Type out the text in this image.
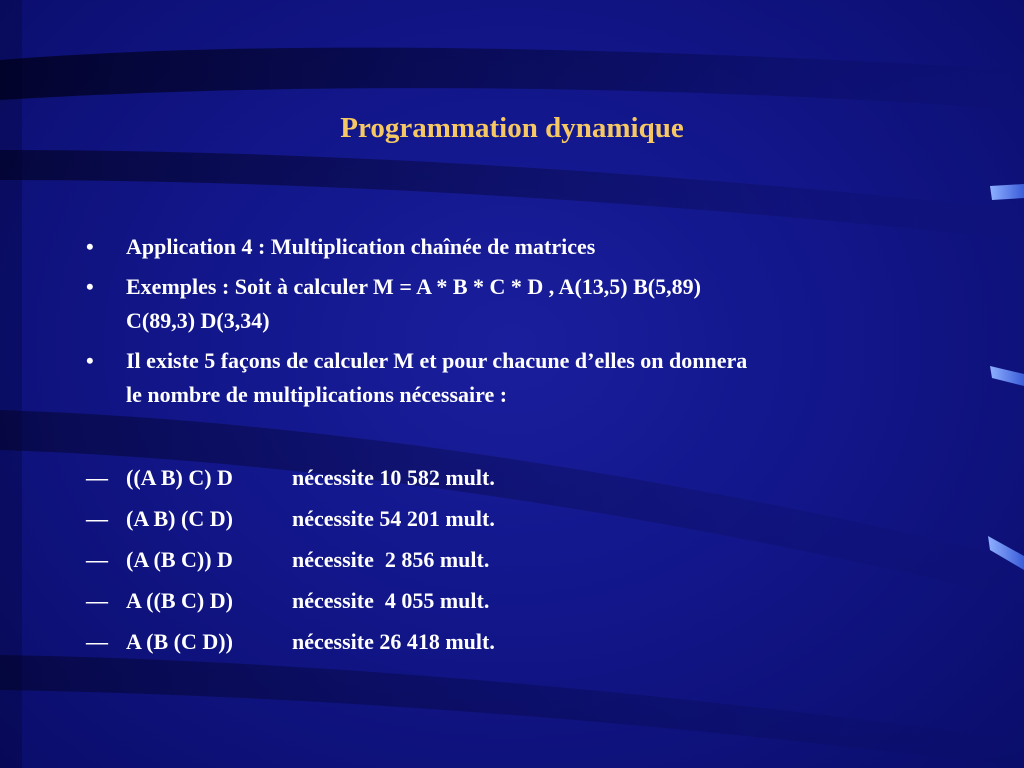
Programmation dynamique
•	Application 4 : Multiplication chaînée de matrices
•	Exemples : Soit à calculer M = A * B * C * D , A(13,5) B(5,89)
C(89,3) D(3,34)
•	Il existe 5 façons de calculer M et pour chacune d’elles on donnera
le nombre de multiplications nécessaire :
— ((A B) C) D	nécessite 10 582 mult.
— (A B) (C D)	nécessite 54 201 mult.
— (A (B C)) D	nécessite  2 856 mult.
— A ((B C) D)	nécessite  4 055 mult.
— A (B (C D))	nécessite 26 418 mult.
